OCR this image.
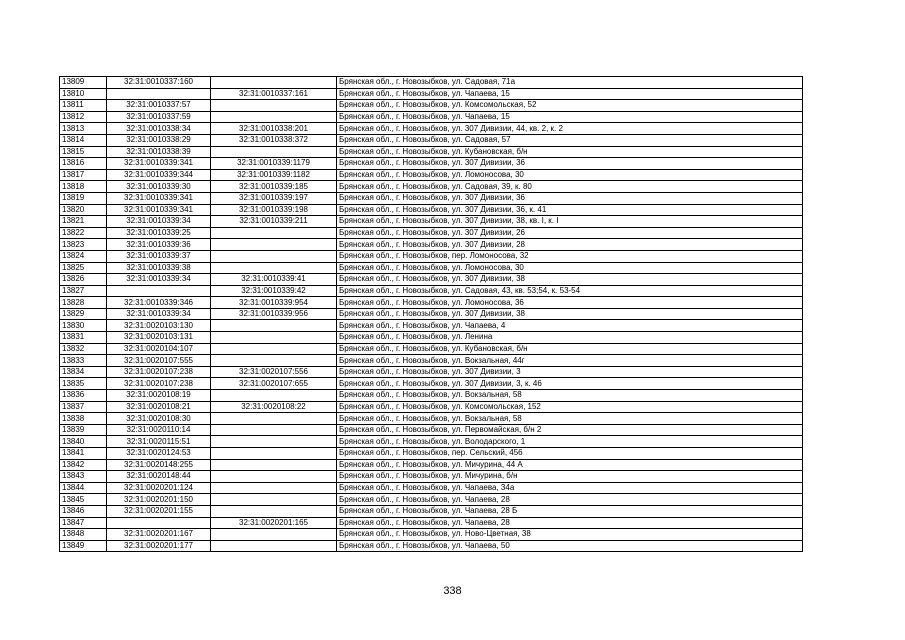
13809	32:31:0010337:160		Брянская обл., г. Новозыбков, ул. Садовая, 71а
13810		32:31:0010337:161	Брянская обл., г. Новозыбков, ул. Чапаева, 15
13811	32:31:0010337:57		Брянская обл., г. Новозыбков, ул. Комсомольская, 52
13812	32:31:0010337:59		Брянская обл., г. Новозыбков, ул. Чапаева, 15
13813	32:31:0010338:34	32:31:0010338:201	Брянская обл., г. Новозыбков, ул. 307 Дивизии, 44, кв. 2, к. 2
13814	32:31:0010338:29	32:31:0010338:372	Брянская обл., г. Новозыбков, ул. Садовая, 57
13815	32:31:0010338:39		Брянская обл., г. Новозыбков, ул. Кубановская, б/н
13816	32:31:0010339:341	32:31:0010339:1179	Брянская обл., г. Новозыбков, ул. 307 Дивизии, 36
13817	32:31:0010339:344	32:31:0010339:1182	Брянская обл., г. Новозыбков, ул. Ломоносова, 30
13818	32:31:0010339:30	32:31:0010339:185	Брянская обл., г. Новозыбков, ул. Садовая, 39, к. 80
13819	32:31:0010339:341	32:31:0010339:197	Брянская обл., г. Новозыбков, ул. 307 Дивизии, 36
13820	32:31:0010339:341	32:31:0010339:198	Брянская обл., г. Новозыбков, ул. 307 Дивизии, 36, к. 41
13821	32:31:0010339:34	32:31:0010339:211	Брянская обл., г. Новозыбков, ул. 307 Дивизии, 38, кв. I, к. I
13822	32:31:0010339:25		Брянская обл., г. Новозыбков, ул. 307 Дивизии, 26
13823	32:31:0010339:36		Брянская обл., г. Новозыбков, ул. 307 Дивизии, 28
13824	32:31:0010339:37		Брянская обл., г. Новозыбков, пер. Ломоносова, 32
13825	32:31:0010339:38		Брянская обл., г. Новозыбков, ул. Ломоносова, 30
13826	32:31:0010339:34	32:31:0010339:41	Брянская обл., г. Новозыбков, ул. 307 Дивизии, 38
13827		32:31:0010339:42	Брянская обл., г. Новозыбков, ул. Садовая, 43, кв. 53;54, к. 53-54
13828	32:31:0010339:346	32:31:0010339:954	Брянская обл., г. Новозыбков, ул. Ломоносова, 36
13829	32:31:0010339:34	32:31:0010339:956	Брянская обл., г. Новозыбков, ул. 307 Дивизии, 38
13830	32:31:0020103:130		Брянская обл., г. Новозыбков, ул. Чапаева, 4
13831	32:31:0020103:131		Брянская обл., г. Новозыбков, ул. Ленина
13832	32:31:0020104:107		Брянская обл., г. Новозыбков, ул. Кубановская, б/н
13833	32:31:0020107:555		Брянская обл., г. Новозыбков, ул. Вокзальная, 44г
13834	32:31:0020107:238	32:31:0020107:556	Брянская обл., г. Новозыбков, ул. 307 Дивизии, 3
13835	32:31:0020107:238	32:31:0020107:655	Брянская обл., г. Новозыбков, ул. 307 Дивизии, 3, к. 46
13836	32:31:0020108:19		Брянская обл., г. Новозыбков, ул. Вокзальная, 58
13837	32:31:0020108:21	32:31:0020108:22	Брянская обл., г. Новозыбков, ул. Комсомольская, 152
13838	32:31:0020108:30		Брянская обл., г. Новозыбков, ул. Вокзальная, 58
13839	32:31:0020110:14		Брянская обл., г. Новозыбков, ул. Первомайская, б/н 2
13840	32:31:0020115:51		Брянская обл., г. Новозыбков, ул. Володарского, 1
13841	32:31:0020124:53		Брянская обл., г. Новозыбков, пер. Сельский, 456
13842	32:31:0020148:255		Брянская обл., г. Новозыбков, ул. Мичурина, 44 А
13843	32:31:0020148:44		Брянская обл., г. Новозыбков, ул. Мичурина, б/н
13844	32:31:0020201:124		Брянская обл., г. Новозыбков, ул. Чапаева, 34а
13845	32:31:0020201:150		Брянская обл., г. Новозыбков, ул. Чапаева, 28
13846	32:31:0020201:155		Брянская обл., г. Новозыбков, ул. Чапаева, 28 Б
13847		32:31:0020201:165	Брянская обл., г. Новозыбков, ул. Чапаева, 28
13848	32:31:0020201:167		Брянская обл., г. Новозыбков, ул. Ново-Цветная, 38
13849	32:31:0020201:177		Брянская обл., г. Новозыбков, ул. Чапаева, 50
338
